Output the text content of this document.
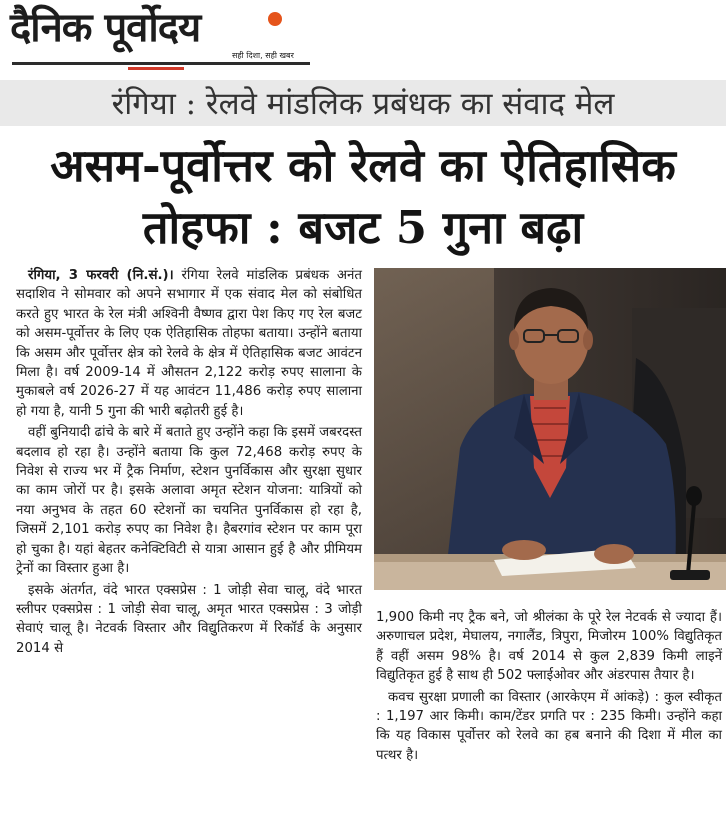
दैनिक पूर्वोदय
सही दिशा, सही खबर
रंगिया : रेलवे मांडलिक प्रबंधक का संवाद मेल
असम-पूर्वोत्तर को रेलवे का ऐतिहासिक
तोहफा : बजट 5 गुना बढ़ा

रंगिया, 3 फरवरी (नि.सं.)। रंगिया रेलवे मांडलिक प्रबंधक अनंत सदाशिव ने सोमवार को अपने सभागार में एक संवाद मेल को संबोधित करते हुए भारत के रेल मंत्री अश्विनी वैष्णव द्वारा पेश किए गए रेल बजट को असम-पूर्वोत्तर के लिए एक ऐतिहासिक तोहफा बताया। उन्होंने बताया कि असम और पूर्वोत्तर क्षेत्र को रेलवे के क्षेत्र में ऐतिहासिक बजट आवंटन मिला है। वर्ष 2009-14 में औसतन 2,122 करोड़ रुपए सालाना के मुकाबले वर्ष 2026-27 में यह आवंटन 11,486 करोड़ रुपए सालाना हो गया है, यानी 5 गुना की भारी बढ़ोतरी हुई है।

वहीं बुनियादी ढांचे के बारे में बताते हुए उन्होंने कहा कि इसमें जबरदस्त बदलाव हो रहा है। उन्होंने बताया कि कुल 72,468 करोड़ रुपए के निवेश से राज्य भर में ट्रैक निर्माण, स्टेशन पुनर्विकास और सुरक्षा सुधार का काम जोरों पर है। इसके अलावा अमृत स्टेशन योजना: यात्रियों को नया अनुभव के तहत 60 स्टेशनों का चयनित पुनर्विकास हो रहा है, जिसमें 2,101 करोड़ रुपए का निवेश है। हैबरगांव स्टेशन पर काम पूरा हो चुका है। यहां बेहतर कनेक्टिविटी से यात्रा आसान हुई है और प्रीमियम ट्रेनों का विस्तार हुआ है।

इसके अंतर्गत, वंदे भारत एक्सप्रेस : 1 जोड़ी सेवा चालू, वंदे भारत स्लीपर एक्सप्रेस : 1 जोड़ी सेवा चालू, अमृत भारत एक्सप्रेस : 3 जोड़ी सेवाएं चालू है। नेटवर्क विस्तार और विद्युतिकरण में रिकॉर्ड के अनुसार 2014 से

1,900 किमी नए ट्रैक बने, जो श्रीलंका के पूरे रेल नेटवर्क से ज्यादा हैं। अरुणाचल प्रदेश, मेघालय, नगालैंड, त्रिपुरा, मिजोरम 100% विद्युतिकृत हैं वहीं असम 98% है। वर्ष 2014 से कुल 2,839 किमी लाइनें विद्युतिकृत हुई है साथ ही 502 फ्लाईओवर और अंडरपास तैयार है।

कवच सुरक्षा प्रणाली का विस्तार (आरकेएम में आंकड़े) : कुल स्वीकृत : 1,197 आर किमी। काम/टेंडर प्रगति पर : 235 किमी। उन्होंने कहा कि यह विकास पूर्वोत्तर को रेलवे का हब बनाने की दिशा में मील का पत्थर है।
